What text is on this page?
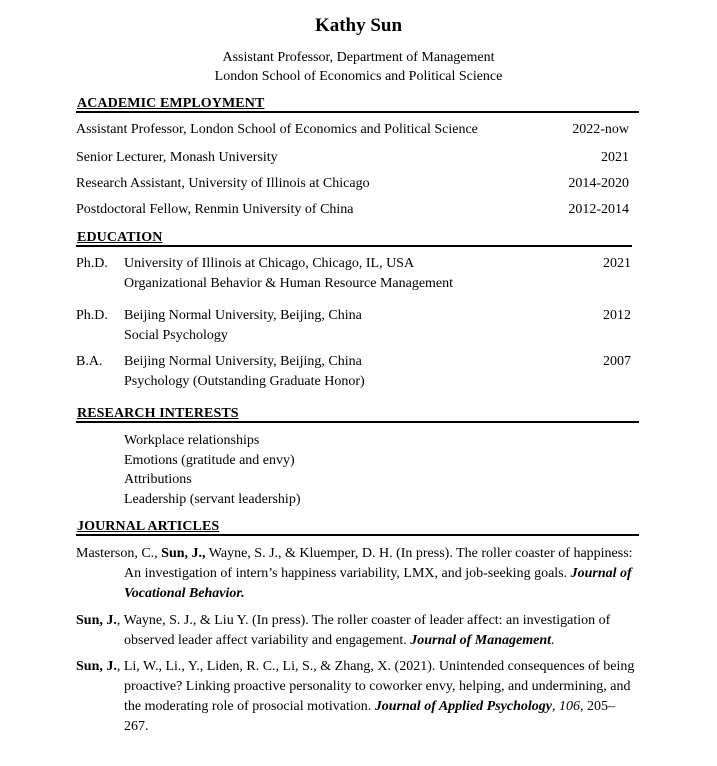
Kathy Sun
Assistant Professor, Department of Management
London School of Economics and Political Science
ACADEMIC EMPLOYMENT
Assistant Professor, London School of Economics and Political Science	2022-now
Senior Lecturer, Monash University	2021
Research Assistant, University of Illinois at Chicago	2014-2020
Postdoctoral Fellow, Renmin University of China	2012-2014
EDUCATION
Ph.D. University of Illinois at Chicago, Chicago, IL, USA
Organizational Behavior & Human Resource Management
2021
Ph.D. Beijing Normal University, Beijing, China
Social Psychology
2012
B.A. Beijing Normal University, Beijing, China
Psychology (Outstanding Graduate Honor)
2007
RESEARCH INTERESTS
Workplace relationships
Emotions (gratitude and envy)
Attributions
Leadership (servant leadership)
JOURNAL ARTICLES
Masterson, C., Sun, J., Wayne, S. J., & Kluemper, D. H. (In press). The roller coaster of happiness: An investigation of intern’s happiness variability, LMX, and job-seeking goals. Journal of Vocational Behavior.
Sun, J., Wayne, S. J., & Liu Y. (In press). The roller coaster of leader affect: an investigation of observed leader affect variability and engagement. Journal of Management.
Sun, J., Li, W., Li., Y., Liden, R. C., Li, S., & Zhang, X. (2021). Unintended consequences of being proactive? Linking proactive personality to coworker envy, helping, and undermining, and the moderating role of prosocial motivation. Journal of Applied Psychology, 106, 205–267.
